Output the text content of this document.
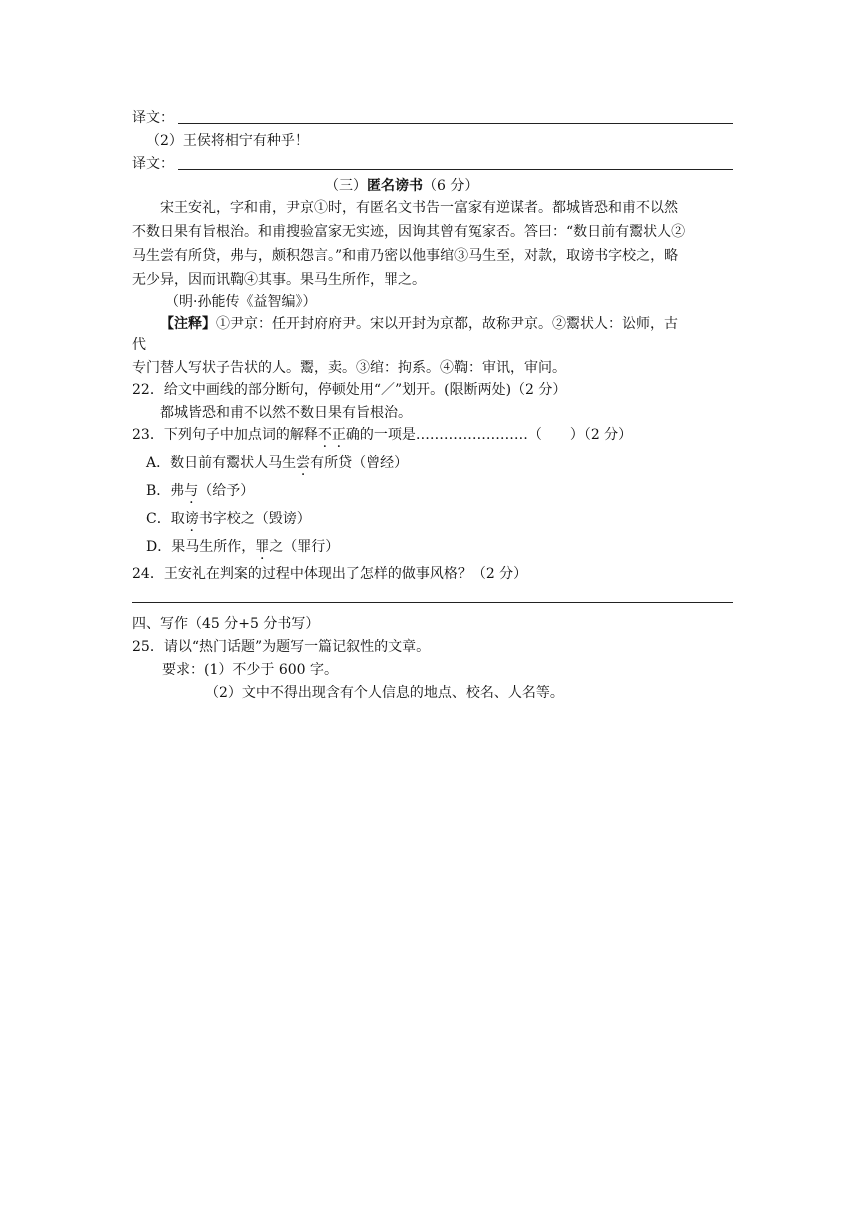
译文：
（2）王侯将相宁有种乎！
译文：
（三）匿名谤书（6 分）
宋王安礼，字和甫，尹京①时，有匿名文书告一富家有逆谋者。都城皆恐和甫不以然
不数日果有旨根治。和甫搜验富家无实迹，因询其曾有冤家否。答曰：“数日前有鬻状人②
马生尝有所贷，弗与，颇积怨言。”和甫乃密以他事绾③马生至，对款，取谤书字校之，略
无少异，因而讯鞫④其事。果马生所作，罪之。
（明·孙能传《益智编》）
【注释】①尹京：任开封府府尹。宋以开封为京都，故称尹京。②鬻状人：讼师，古
代
专门替人写状子告状的人。鬻，卖。③绾：拘系。④鞫：审讯，审问。
22．给文中画线的部分断句，停顿处用“／”划开。(限断两处)（2 分）
都城皆恐和甫不以然不数日果有旨根治。
23．下列句子中加点词的解释不正确的一项是……………………（　　）（2 分）
A．数日前有鬻状人马生尝有所贷（曾经）
B．弗与（给予）
C．取谤书字校之（毁谤）
D．果马生所作，罪之（罪行）
24．王安礼在判案的过程中体现出了怎样的做事风格？（2 分）
四、写作（45 分+5 分书写）
25．请以“热门话题”为题写一篇记叙性的文章。
要求：(1）不少于 600 字。
（2）文中不得出现含有个人信息的地点、校名、人名等。
